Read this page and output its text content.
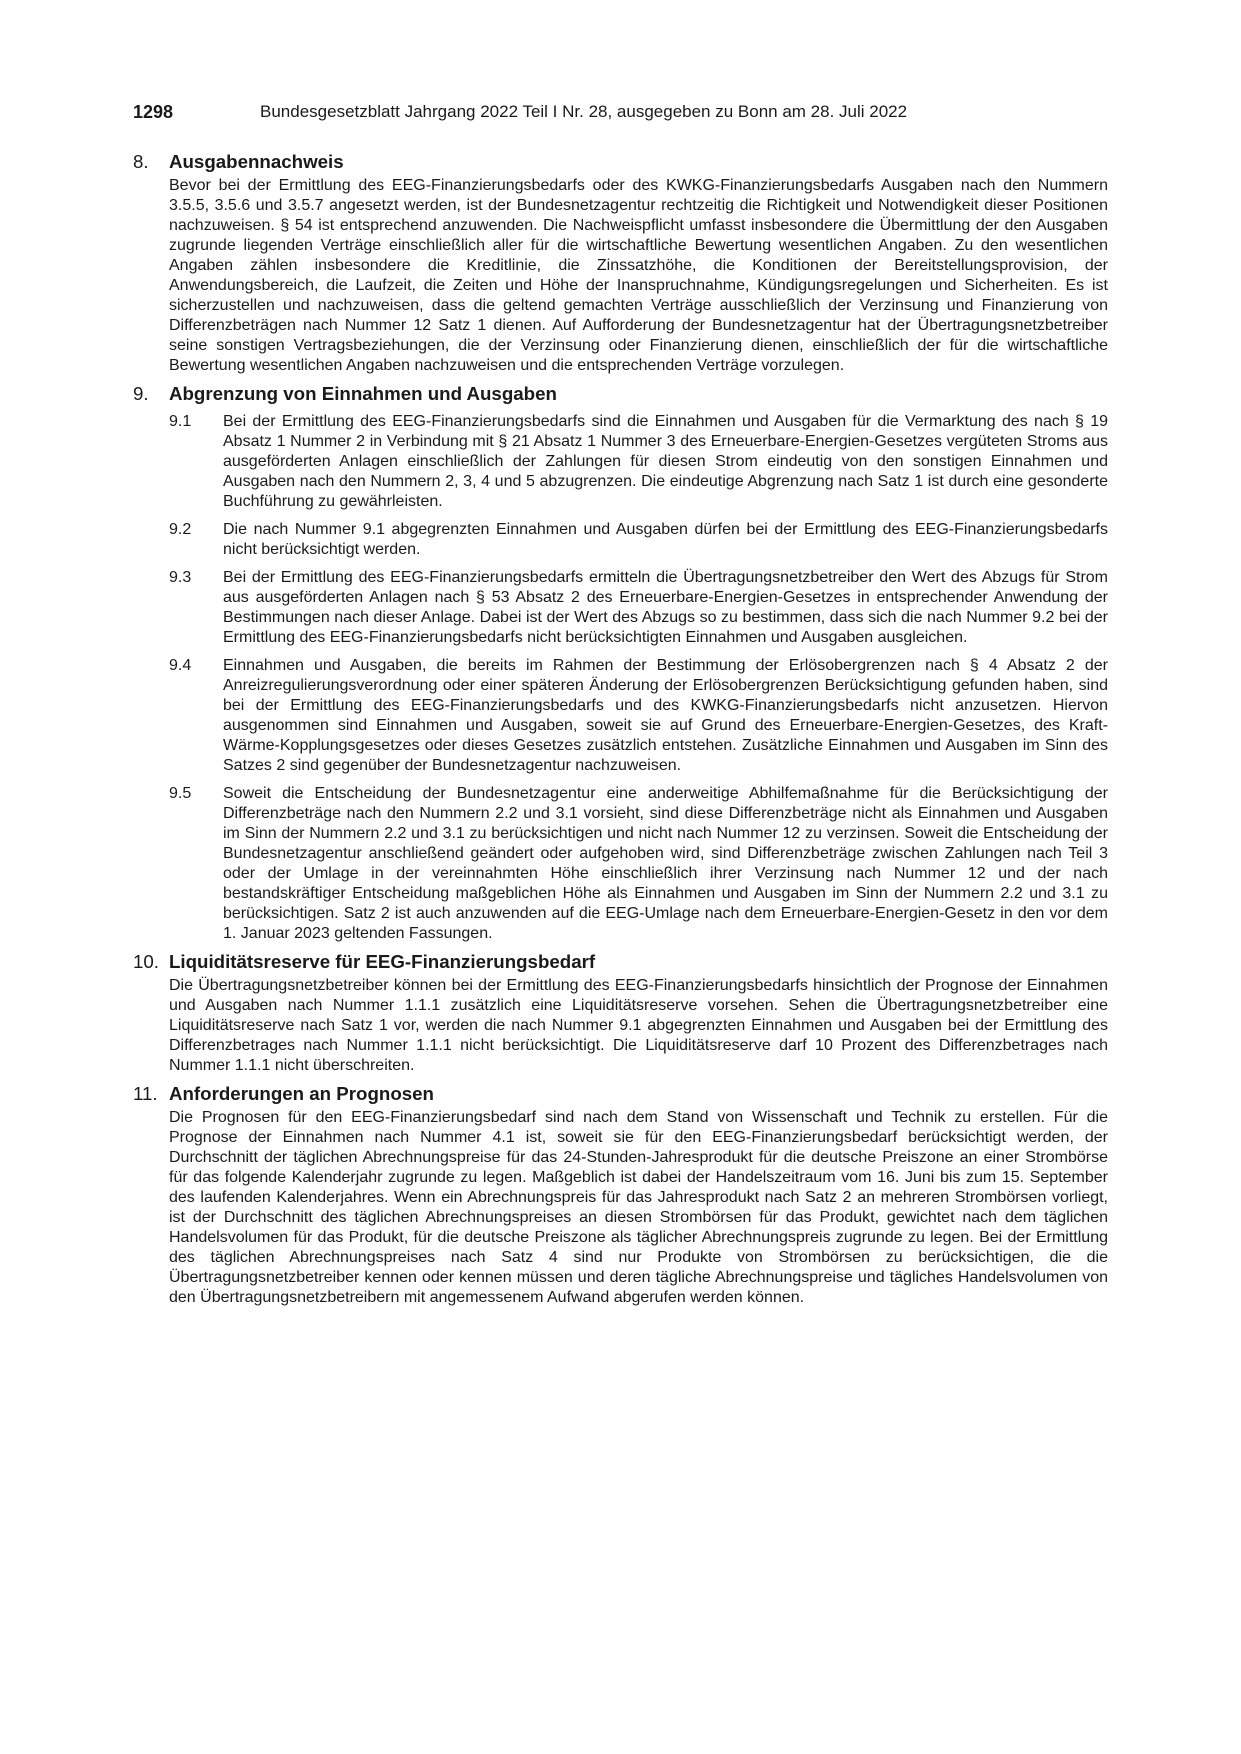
1298	Bundesgesetzblatt Jahrgang 2022 Teil I Nr. 28, ausgegeben zu Bonn am 28. Juli 2022
8. Ausgabennachweis

Bevor bei der Ermittlung des EEG-Finanzierungsbedarfs oder des KWKG-Finanzierungsbedarfs Ausgaben nach den Nummern 3.5.5, 3.5.6 und 3.5.7 angesetzt werden, ist der Bundesnetzagentur rechtzeitig die Richtigkeit und Notwendigkeit dieser Positionen nachzuweisen. § 54 ist entsprechend anzuwenden. Die Nachweispflicht umfasst insbesondere die Übermittlung der den Ausgaben zugrunde liegenden Verträge einschließlich aller für die wirtschaftliche Bewertung wesentlichen Angaben. Zu den wesentlichen Angaben zählen insbesondere die Kreditlinie, die Zinssatzhöhe, die Konditionen der Bereitstellungsprovision, der Anwendungsbereich, die Laufzeit, die Zeiten und Höhe der Inanspruchnahme, Kündigungsregelungen und Sicherheiten. Es ist sicherzustellen und nachzuweisen, dass die geltend gemachten Verträge ausschließlich der Verzinsung und Finanzierung von Differenzbeträgen nach Nummer 12 Satz 1 dienen. Auf Aufforderung der Bundesnetzagentur hat der Übertragungsnetzbetreiber seine sonstigen Vertragsbeziehungen, die der Verzinsung oder Finanzierung dienen, einschließlich der für die wirtschaftliche Bewertung wesentlichen Angaben nachzuweisen und die entsprechenden Verträge vorzulegen.

9. Abgrenzung von Einnahmen und Ausgaben
9.1 Bei der Ermittlung des EEG-Finanzierungsbedarfs sind die Einnahmen und Ausgaben für die Vermarktung des nach § 19 Absatz 1 Nummer 2 in Verbindung mit § 21 Absatz 1 Nummer 3 des Erneuerbare-Energien-Gesetzes vergüteten Stroms aus ausgeförderten Anlagen einschließlich der Zahlungen für diesen Strom eindeutig von den sonstigen Einnahmen und Ausgaben nach den Nummern 2, 3, 4 und 5 abzugrenzen. Die eindeutige Abgrenzung nach Satz 1 ist durch eine gesonderte Buchführung zu gewährleisten.

9.2 Die nach Nummer 9.1 abgegrenzten Einnahmen und Ausgaben dürfen bei der Ermittlung des EEG-Finanzierungsbedarfs nicht berücksichtigt werden.

9.3 Bei der Ermittlung des EEG-Finanzierungsbedarfs ermitteln die Übertragungsnetzbetreiber den Wert des Abzugs für Strom aus ausgeförderten Anlagen nach § 53 Absatz 2 des Erneuerbare-Energien-Gesetzes in entsprechender Anwendung der Bestimmungen nach dieser Anlage. Dabei ist der Wert des Abzugs so zu bestimmen, dass sich die nach Nummer 9.2 bei der Ermittlung des EEG-Finanzierungsbedarfs nicht berücksichtigten Einnahmen und Ausgaben ausgleichen.

9.4 Einnahmen und Ausgaben, die bereits im Rahmen der Bestimmung der Erlösobergrenzen nach § 4 Absatz 2 der Anreizregulierungsverordnung oder einer späteren Änderung der Erlösobergrenzen Berücksichtigung gefunden haben, sind bei der Ermittlung des EEG-Finanzierungsbedarfs und des KWKG-Finanzierungsbedarfs nicht anzusetzen. Hiervon ausgenommen sind Einnahmen und Ausgaben, soweit sie auf Grund des Erneuerbare-Energien-Gesetzes, des Kraft-Wärme-Kopplungsgesetzes oder dieses Gesetzes zusätzlich entstehen. Zusätzliche Einnahmen und Ausgaben im Sinn des Satzes 2 sind gegenüber der Bundesnetzagentur nachzuweisen.

9.5 Soweit die Entscheidung der Bundesnetzagentur eine anderweitige Abhilfemaßnahme für die Berücksichtigung der Differenzbeträge nach den Nummern 2.2 und 3.1 vorsieht, sind diese Differenzbeträge nicht als Einnahmen und Ausgaben im Sinn der Nummern 2.2 und 3.1 zu berücksichtigen und nicht nach Nummer 12 zu verzinsen. Soweit die Entscheidung der Bundesnetzagentur anschließend geändert oder aufgehoben wird, sind Differenzbeträge zwischen Zahlungen nach Teil 3 oder der Umlage in der vereinnahmten Höhe einschließlich ihrer Verzinsung nach Nummer 12 und der nach bestandskräftiger Entscheidung maßgeblichen Höhe als Einnahmen und Ausgaben im Sinn der Nummern 2.2 und 3.1 zu berücksichtigen. Satz 2 ist auch anzuwenden auf die EEG-Umlage nach dem Erneuerbare-Energien-Gesetz in den vor dem 1. Januar 2023 geltenden Fassungen.

10. Liquiditätsreserve für EEG-Finanzierungsbedarf

Die Übertragungsnetzbetreiber können bei der Ermittlung des EEG-Finanzierungsbedarfs hinsichtlich der Prognose der Einnahmen und Ausgaben nach Nummer 1.1.1 zusätzlich eine Liquiditätsreserve vorsehen. Sehen die Übertragungsnetzbetreiber eine Liquiditätsreserve nach Satz 1 vor, werden die nach Nummer 9.1 abgegrenzten Einnahmen und Ausgaben bei der Ermittlung des Differenzbetrages nach Nummer 1.1.1 nicht berücksichtigt. Die Liquiditätsreserve darf 10 Prozent des Differenzbetrages nach Nummer 1.1.1 nicht überschreiten.

11. Anforderungen an Prognosen

Die Prognosen für den EEG-Finanzierungsbedarf sind nach dem Stand von Wissenschaft und Technik zu erstellen. Für die Prognose der Einnahmen nach Nummer 4.1 ist, soweit sie für den EEG-Finanzierungsbedarf berücksichtigt werden, der Durchschnitt der täglichen Abrechnungspreise für das 24-Stunden-Jahresprodukt für die deutsche Preiszone an einer Strombörse für das folgende Kalenderjahr zugrunde zu legen. Maßgeblich ist dabei der Handelszeitraum vom 16. Juni bis zum 15. September des laufenden Kalenderjahres. Wenn ein Abrechnungspreis für das Jahresprodukt nach Satz 2 an mehreren Strombörsen vorliegt, ist der Durchschnitt des täglichen Abrechnungspreises an diesen Strombörsen für das Produkt, gewichtet nach dem täglichen Handelsvolumen für das Produkt, für die deutsche Preiszone als täglicher Abrechnungspreis zugrunde zu legen. Bei der Ermittlung des täglichen Abrechnungspreises nach Satz 4 sind nur Produkte von Strombörsen zu berücksichtigen, die die Übertragungsnetzbetreiber kennen oder kennen müssen und deren tägliche Abrechnungspreise und tägliches Handelsvolumen von den Übertragungsnetzbetreibern mit angemessenem Aufwand abgerufen werden können.
